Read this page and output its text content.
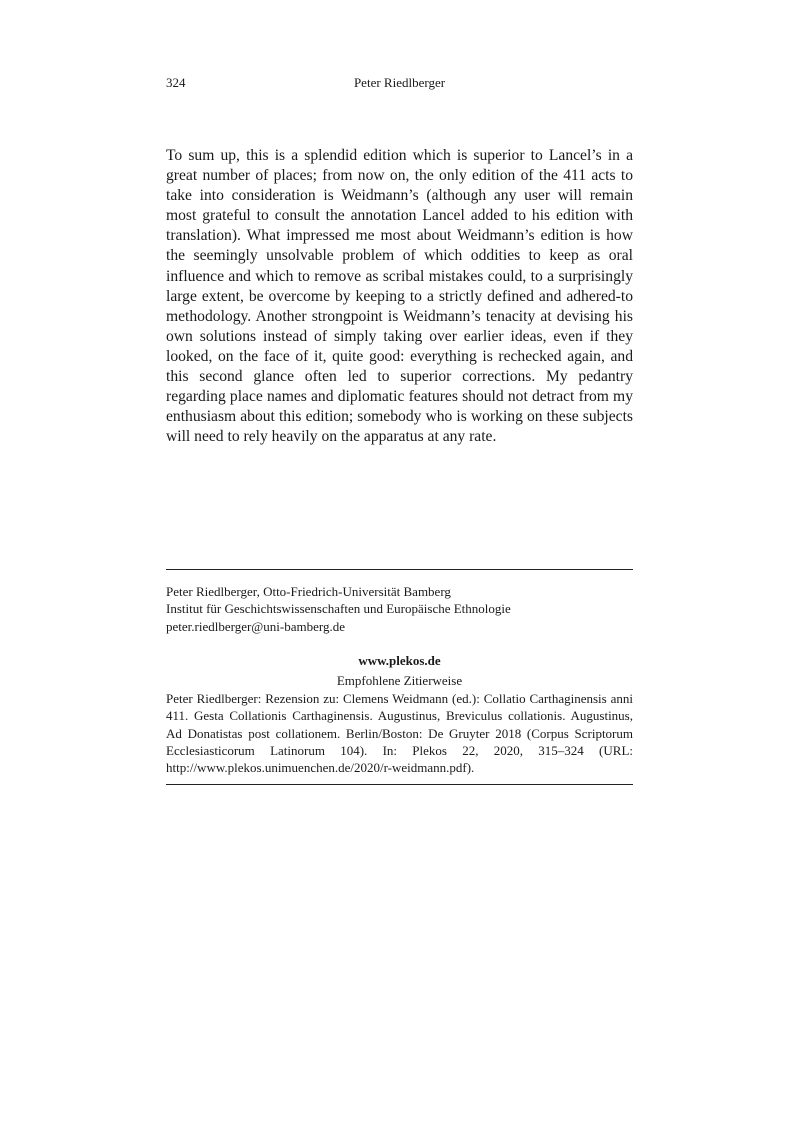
324	Peter Riedlberger

To sum up, this is a splendid edition which is superior to Lancel’s in a great number of places; from now on, the only edition of the 411 acts to take into consideration is Weidmann’s (although any user will remain most grateful to consult the annotation Lancel added to his edition with translation). What impressed me most about Weidmann’s edition is how the seemingly unsolvable problem of which oddities to keep as oral influence and which to remove as scribal mistakes could, to a surprisingly large extent, be overcome by keeping to a strictly defined and adhered-to methodology. Another strongpoint is Weidmann’s tenacity at devising his own solutions instead of simply taking over earlier ideas, even if they looked, on the face of it, quite good: everything is rechecked again, and this second glance often led to superior corrections. My pedantry regarding place names and diplomatic features should not detract from my enthusiasm about this edition; somebody who is working on these subjects will need to rely heavily on the apparatus at any rate.

Peter Riedlberger, Otto-Friedrich-Universität Bamberg
Institut für Geschichtswissenschaften und Europäische Ethnologie
peter.riedlberger@uni-bamberg.de
www.plekos.de
Empfohlene Zitierweise

Peter Riedlberger: Rezension zu: Clemens Weidmann (ed.): Collatio Carthaginensis anni 411. Gesta Collationis Carthaginensis. Augustinus, Breviculus collationis. Augustinus, Ad Donatistas post collationem. Berlin/Boston: De Gruyter 2018 (Corpus Scriptorum Ecclesiasticorum Latinorum 104). In: Plekos 22, 2020, 315–324 (URL: http://www.plekos.unimuenchen.de/2020/r-weidmann.pdf).
